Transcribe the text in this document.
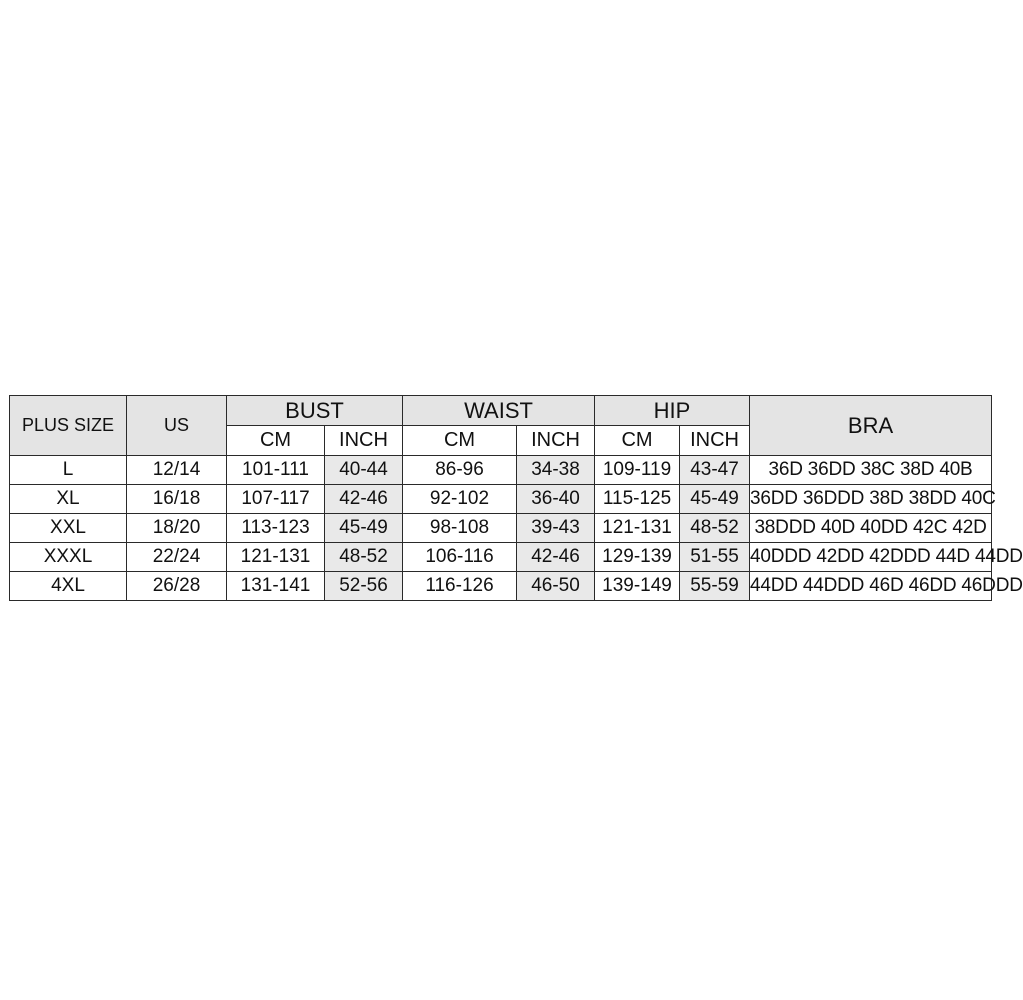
PLUS SIZE	US	BUST		WAIST		HIP		BRA
		CM	INCH	CM	INCH	CM	INCH	
L	12/14	101-111	40-44	86-96	34-38	109-119	43-47	36D 36DD 38C 38D 40B
XL	16/18	107-117	42-46	92-102	36-40	115-125	45-49	36DD 36DDD 38D 38DD 40C
XXL	18/20	113-123	45-49	98-108	39-43	121-131	48-52	38DDD 40D 40DD 42C 42D
XXXL	22/24	121-131	48-52	106-116	42-46	129-139	51-55	40DDD 42DD 42DDD 44D 44DD
4XL	26/28	131-141	52-56	116-126	46-50	139-149	55-59	44DD 44DDD 46D 46DD 46DDD
